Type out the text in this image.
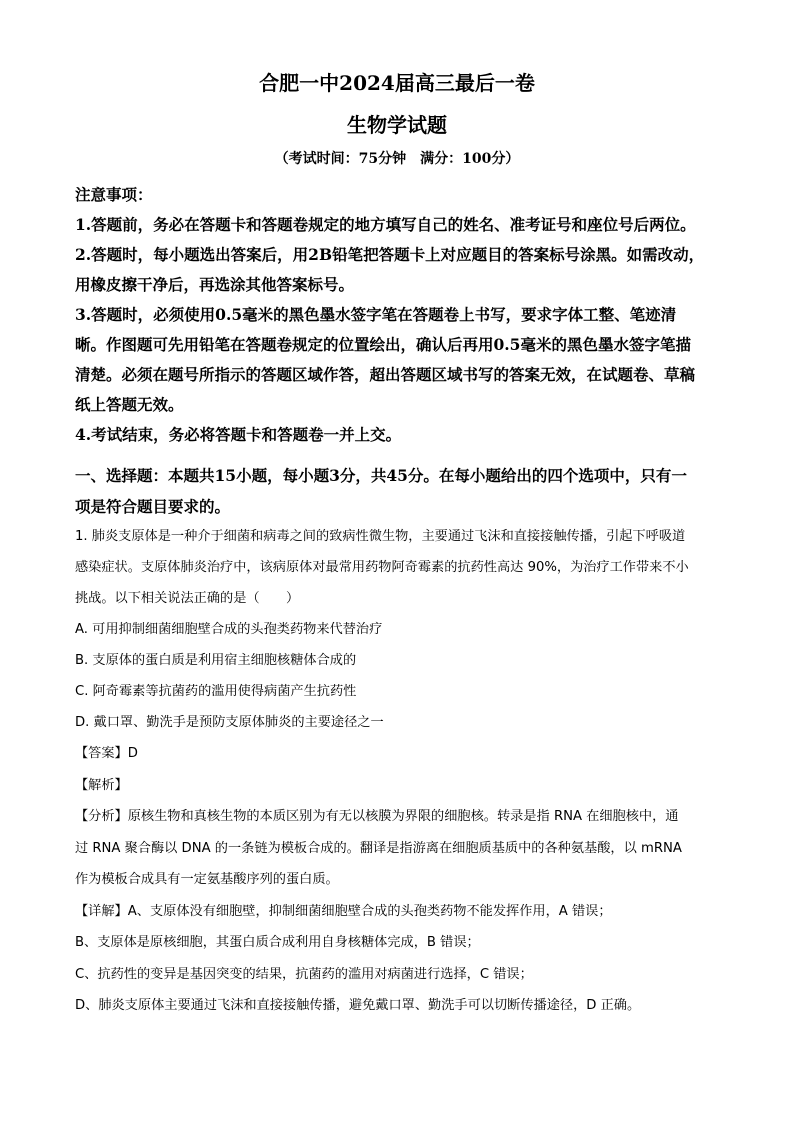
合肥一中2024届高三最后一卷
生物学试题
（考试时间：75分钟　满分：100分）
注意事项：
1.答题前，务必在答题卡和答题卷规定的地方填写自己的姓名、准考证号和座位号后两位。
2.答题时，每小题选出答案后，用2B铅笔把答题卡上对应题目的答案标号涂黑。如需改动，
用橡皮擦干净后，再选涂其他答案标号。
3.答题时，必须使用0.5毫米的黑色墨水签字笔在答题卷上书写，要求字体工整、笔迹清
晰。作图题可先用铅笔在答题卷规定的位置绘出，确认后再用0.5毫米的黑色墨水签字笔描
清楚。必须在题号所指示的答题区域作答，超出答题区域书写的答案无效，在试题卷、草稿
纸上答题无效。
4.考试结束，务必将答题卡和答题卷一并上交。
一、选择题：本题共15小题，每小题3分，共45分。在每小题给出的四个选项中，只有一
项是符合题目要求的。
1. 肺炎支原体是一种介于细菌和病毒之间的致病性微生物，主要通过飞沫和直接接触传播，引起下呼吸道
感染症状。支原体肺炎治疗中，该病原体对最常用药物阿奇霉素的抗药性高达 90%，为治疗工作带来不小
挑战。以下相关说法正确的是（　　）
A. 可用抑制细菌细胞壁合成的头孢类药物来代替治疗
B. 支原体的蛋白质是利用宿主细胞核糖体合成的
C. 阿奇霉素等抗菌药的滥用使得病菌产生抗药性
D. 戴口罩、勤洗手是预防支原体肺炎的主要途径之一
【答案】D
【解析】
【分析】原核生物和真核生物的本质区别为有无以核膜为界限的细胞核。转录是指 RNA 在细胞核中，通
过 RNA 聚合酶以 DNA 的一条链为模板合成的。翻译是指游离在细胞质基质中的各种氨基酸，以 mRNA
作为模板合成具有一定氨基酸序列的蛋白质。
【详解】A、支原体没有细胞壁，抑制细菌细胞壁合成的头孢类药物不能发挥作用，A 错误；
B、支原体是原核细胞，其蛋白质合成利用自身核糖体完成，B 错误；
C、抗药性的变异是基因突变的结果，抗菌药的滥用对病菌进行选择，C 错误；
D、肺炎支原体主要通过飞沫和直接接触传播，避免戴口罩、勤洗手可以切断传播途径，D 正确。
